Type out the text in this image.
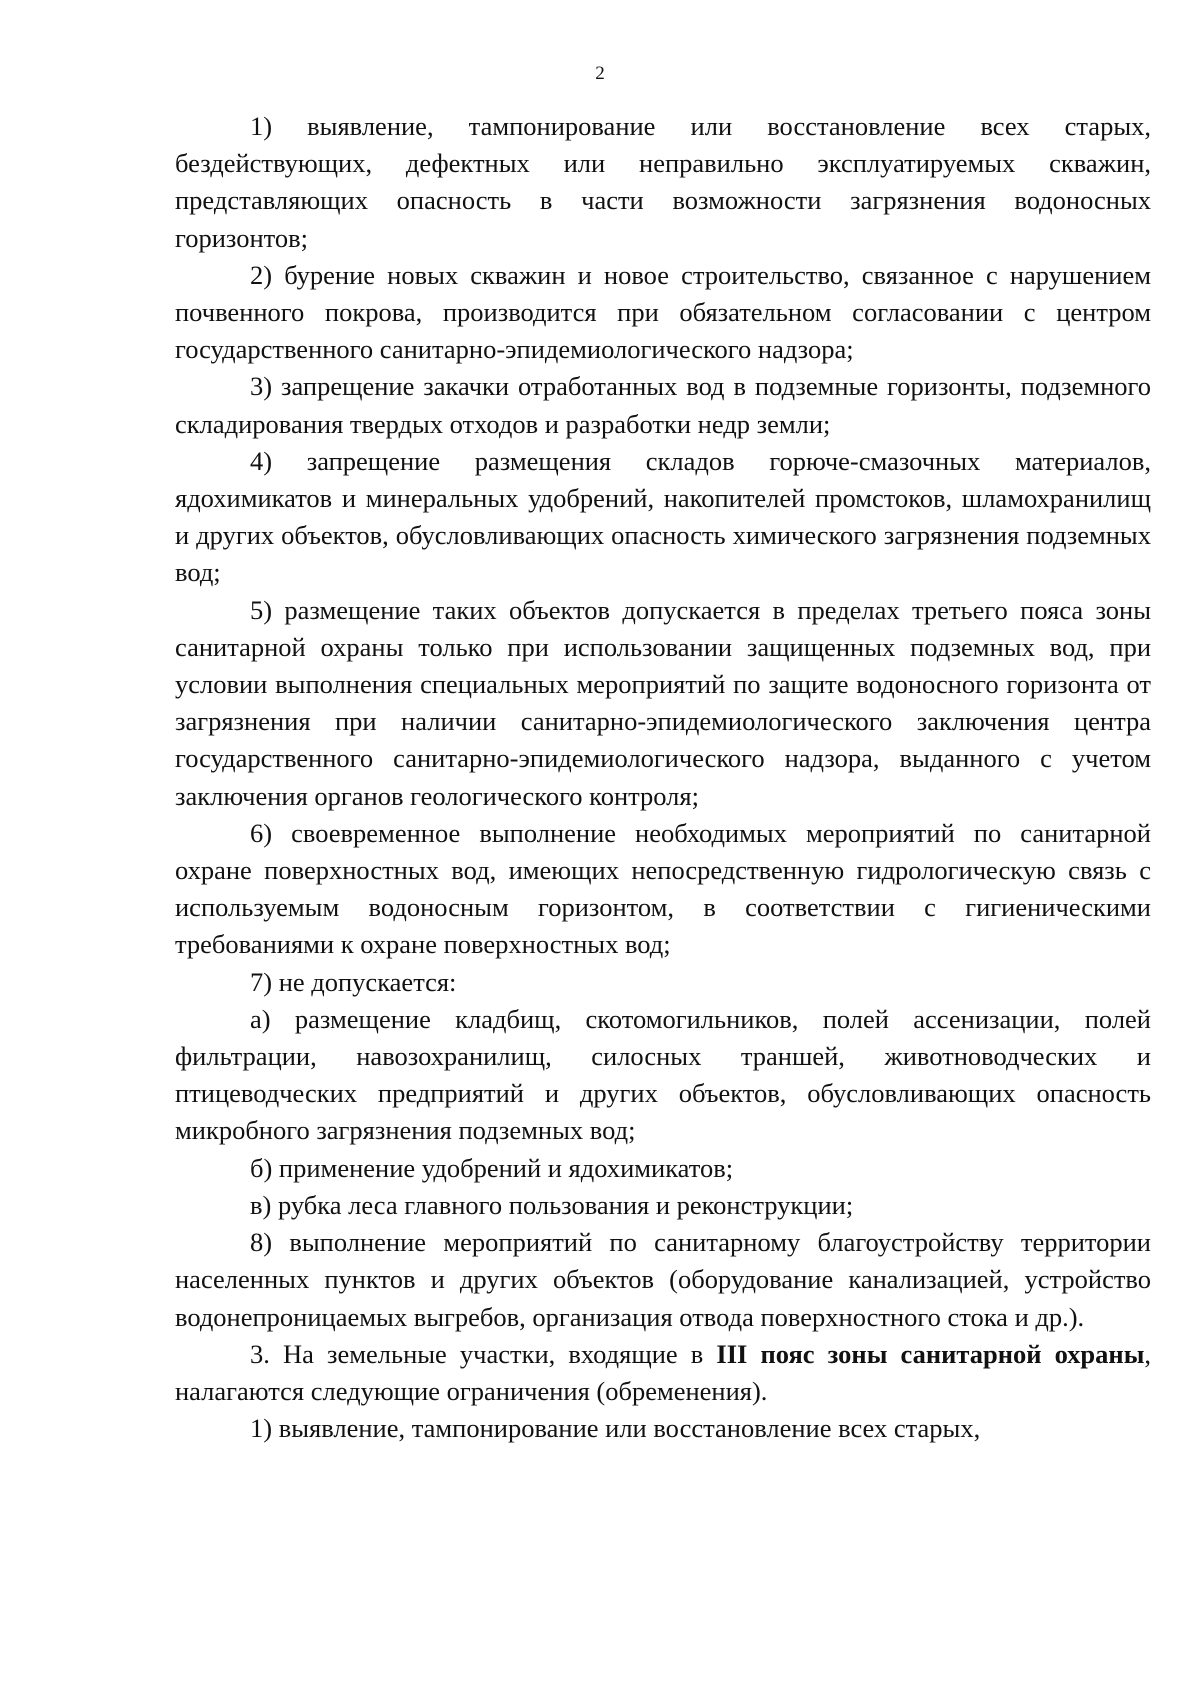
2

1) выявление, тампонирование или восстановление всех старых, бездействующих, дефектных или неправильно эксплуатируемых скважин, представляющих опасность в части возможности загрязнения водоносных горизонтов;

2) бурение новых скважин и новое строительство, связанное с нарушением почвенного покрова, производится при обязательном согласовании с центром государственного санитарно-эпидемиологического надзора;

3) запрещение закачки отработанных вод в подземные горизонты, подземного складирования твердых отходов и разработки недр земли;

4) запрещение размещения складов горюче-смазочных материалов, ядохимикатов и минеральных удобрений, накопителей промстоков, шламохранилищ и других объектов, обусловливающих опасность химического загрязнения подземных вод;

5) размещение таких объектов допускается в пределах третьего пояса зоны санитарной охраны только при использовании защищенных подземных вод, при условии выполнения специальных мероприятий по защите водоносного горизонта от загрязнения при наличии санитарно-эпидемиологического заключения центра государственного санитарно-эпидемиологического надзора, выданного с учетом заключения органов геологического контроля;

6) своевременное выполнение необходимых мероприятий по санитарной охране поверхностных вод, имеющих непосредственную гидрологическую связь с используемым водоносным горизонтом, в соответствии с гигиеническими требованиями к охране поверхностных вод;

7) не допускается:

а) размещение кладбищ, скотомогильников, полей ассенизации, полей фильтрации, навозохранилищ, силосных траншей, животноводческих и птицеводческих предприятий и других объектов, обусловливающих опасность микробного загрязнения подземных вод;

б) применение удобрений и ядохимикатов;

в) рубка леса главного пользования и реконструкции;

8) выполнение мероприятий по санитарному благоустройству территории населенных пунктов и других объектов (оборудование канализацией, устройство водонепроницаемых выгребов, организация отвода поверхностного стока и др.).

3. На земельные участки, входящие в III пояс зоны санитарной охраны, налагаются следующие ограничения (обременения).

1) выявление, тампонирование или восстановление всех старых,
